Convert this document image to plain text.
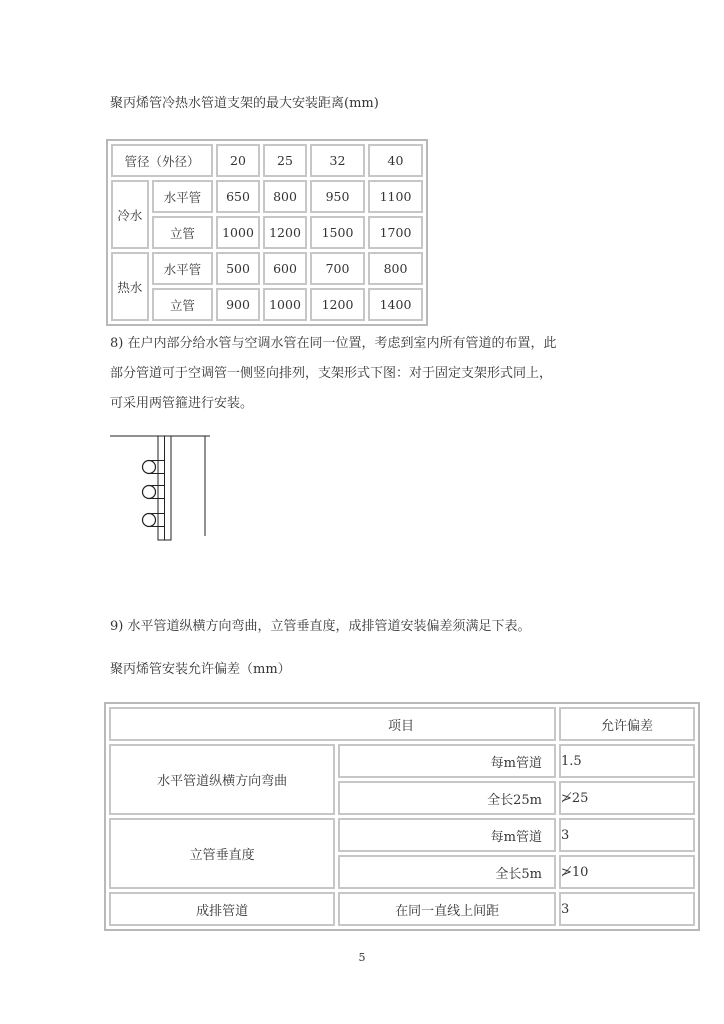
聚丙烯管冷热水管道支架的最大安装距离(mm)
管径（外径）		20	25	32	40
冷水	水平管	650	800	950	1100
	立管	1000	1200	1500	1700
热水	水平管	500	600	700	800
	立管	900	1000	1200	1400
8) 在户内部分给水管与空调水管在同一位置，考虑到室内所有管道的布置，此
部分管道可于空调管一侧竖向排列，支架形式下图：对于固定支架形式同上，
可采用两管箍进行安装。
9) 水平管道纵横方向弯曲，立管垂直度，成排管道安装偏差须满足下表。
聚丙烯管安装允许偏差（mm）
项目		允许偏差
水平管道纵横方向弯曲	每m管道	1.5
	全长25m	≯25
立管垂直度	每m管道	3
	全长5m	≯10
成排管道	在同一直线上间距	3
5
